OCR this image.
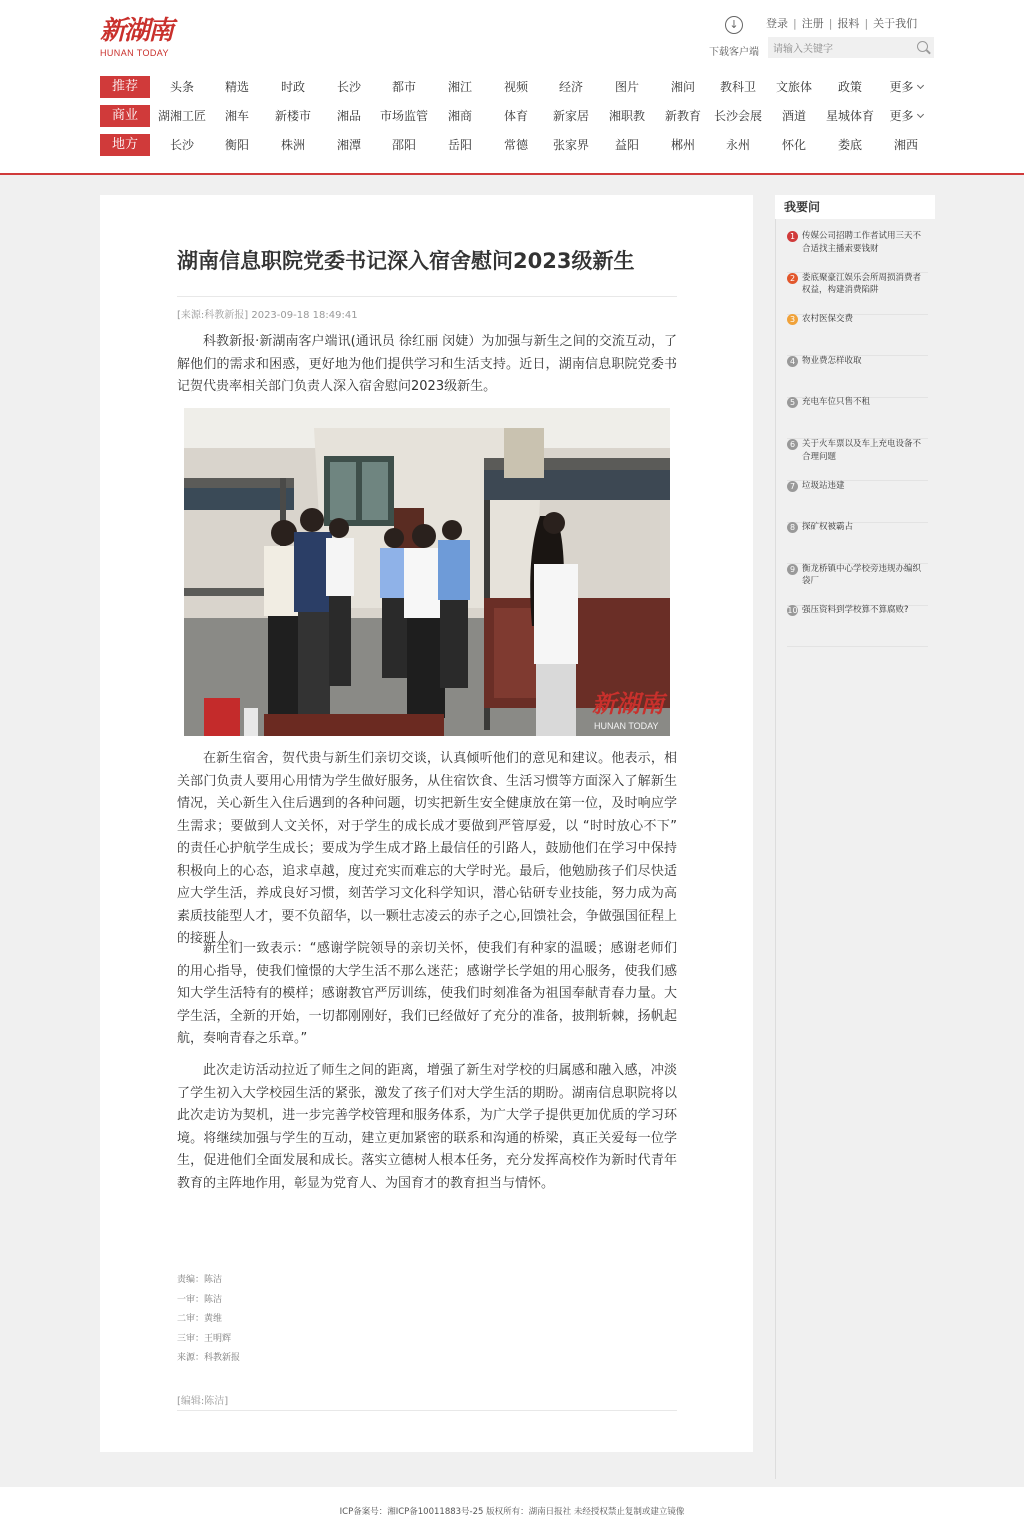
新湖南
HUNAN TODAY
↓
下载客户端
登录 | 注册 | 报料 | 关于我们
请输入关键字
推荐	头条	精选	时政	长沙	都市	湘江	视频	经济	图片	湘问	教科卫	文旅体	政策	更多
商业	湖湘工匠	湘车	新楼市	湘品	市场监管	湘商	体育	新家居	湘职教	新教育	长沙会展	酒道	星城体育	更多
地方	长沙	衡阳	株洲	湘潭	邵阳	岳阳	常德	张家界	益阳	郴州	永州	怀化	娄底	湘西
湖南信息职院党委书记深入宿舍慰问2023级新生
[来源:科教新报] 2023-09-18 18:49:41

科教新报·新湖南客户端讯(通讯员 徐红丽 闵婕）为加强与新生之间的交流互动，了解他们的需求和困惑，更好地为他们提供学习和生活支持。近日，湖南信息职院党委书记贺代贵率相关部门负责人深入宿舍慰问2023级新生。

新湖南
HUNAN TODAY

在新生宿舍，贺代贵与新生们亲切交谈，认真倾听他们的意见和建议。他表示，相关部门负责人要用心用情为学生做好服务，从住宿饮食、生活习惯等方面深入了解新生情况，关心新生入住后遇到的各种问题，切实把新生安全健康放在第一位，及时响应学生需求；要做到人文关怀，对于学生的成长成才要做到严管厚爱，以 “时时放心不下” 的责任心护航学生成长；要成为学生成才路上最信任的引路人，鼓励他们在学习中保持积极向上的心态，追求卓越，度过充实而难忘的大学时光。最后，他勉励孩子们尽快适应大学生活，养成良好习惯，刻苦学习文化科学知识，潜心钻研专业技能，努力成为高素质技能型人才，要不负韶华，以一颗壮志凌云的赤子之心,回馈社会，争做强国征程上的接班人。

新生们一致表示：“感谢学院领导的亲切关怀，使我们有种家的温暖；感谢老师们的用心指导，使我们憧憬的大学生活不那么迷茫；感谢学长学姐的用心服务，使我们感知大学生活特有的模样；感谢教官严厉训练，使我们时刻准备为祖国奉献青春力量。大学生活，全新的开始，一切都刚刚好，我们已经做好了充分的准备，披荆斩棘，扬帆起航，奏响青春之乐章。”

此次走访活动拉近了师生之间的距离，增强了新生对学校的归属感和融入感，冲淡了学生初入大学校园生活的紧张，激发了孩子们对大学生活的期盼。湖南信息职院将以此次走访为契机，进一步完善学校管理和服务体系，为广大学子提供更加优质的学习环境。将继续加强与学生的互动，建立更加紧密的联系和沟通的桥梁，真正关爱每一位学生，促进他们全面发展和成长。落实立德树人根本任务，充分发挥高校作为新时代青年教育的主阵地作用，彰显为党育人、为国育才的教育担当与情怀。

责编：陈洁
一审：陈洁
二审：黄维
三审：王明辉
来源：科教新报
[编辑:陈洁]
我要问
1 传媒公司招聘工作者试用三天不合适找主播索要钱财
2 娄底聚豪江娱乐会所周损消费者权益，构建消费陷阱
3 农村医保交费
4 物业费怎样收取
5 充电车位只售不租
6 关于火车票以及车上充电设备不合理问题
7 垃圾站违建
8 探矿权被霸占
9 衡龙桥镇中心学校旁违规办编织袋厂
10 强压资料到学校算不算腐败?
ICP备案号：湘ICP备10011883号-25 版权所有：湖南日报社 未经授权禁止复制或建立镜像
